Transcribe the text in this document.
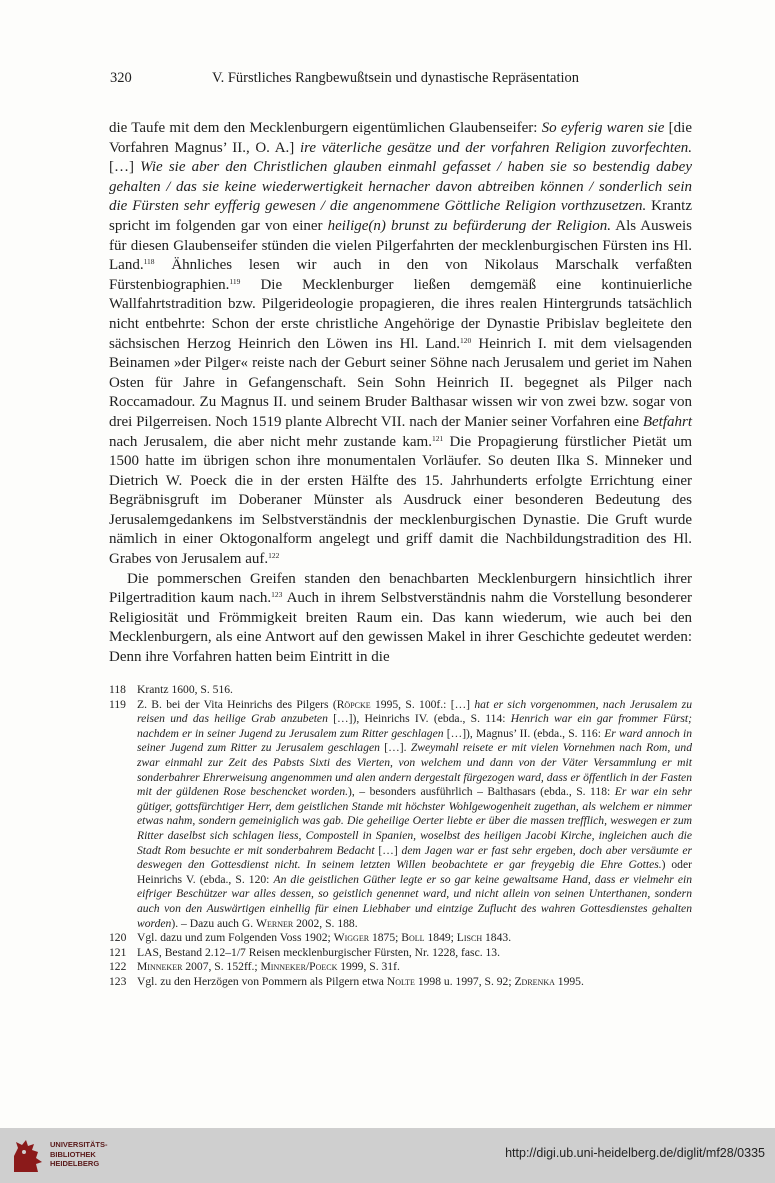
320	V. Fürstliches Rangbewußtsein und dynastische Repräsentation

die Taufe mit dem den Mecklenburgern eigentümlichen Glaubenseifer: So eyferig waren sie [die Vorfahren Magnus’ II., O. A.] ire väterliche gesätze und der vorfahren Religion zuvorfechten. […] Wie sie aber den Christlichen glauben einmahl gefasset / haben sie so bestendig dabey gehalten / das sie keine wiederwertigkeit hernacher davon abtreiben können / sonderlich sein die Fürsten sehr eyfferig gewesen / die angenommene Göttliche Religion vorthzusetzen. Krantz spricht im folgenden gar von einer heilige(n) brunst zu befürderung der Religion. Als Ausweis für diesen Glaubenseifer stünden die vielen Pilgerfahrten der mecklenburgischen Fürsten ins Hl. Land.$^{118}$ Ähnliches lesen wir auch in den von Nikolaus Marschalk verfaßten Fürstenbiographien.$^{119}$ Die Mecklenburger ließen demgemäß eine kontinuierliche Wallfahrtstradition bzw. Pilgerideologie propagieren, die ihres realen Hintergrunds tatsächlich nicht entbehrte: Schon der erste christliche Angehörige der Dynastie Pribislav begleitete den sächsischen Herzog Heinrich den Löwen ins Hl. Land.$^{120}$ Heinrich I. mit dem vielsagenden Beinamen »der Pilger« reiste nach der Geburt seiner Söhne nach Jerusalem und geriet im Nahen Osten für Jahre in Gefangenschaft. Sein Sohn Heinrich II. begegnet als Pilger nach Roccamadour. Zu Magnus II. und seinem Bruder Balthasar wissen wir von zwei bzw. sogar von drei Pilgerreisen. Noch 1519 plante Albrecht VII. nach der Manier seiner Vorfahren eine Betfahrt nach Jerusalem, die aber nicht mehr zustande kam.$^{121}$ Die Propagierung fürstlicher Pietät um 1500 hatte im übrigen schon ihre monumentalen Vorläufer. So deuten Ilka S. Minneker und Dietrich W. Poeck die in der ersten Hälfte des 15. Jahrhunderts erfolgte Errichtung einer Begräbnisgruft im Doberaner Münster als Ausdruck einer besonderen Bedeutung des Jerusalemgedankens im Selbstverständnis der mecklenburgischen Dynastie. Die Gruft wurde nämlich in einer Oktogonalform angelegt und griff damit die Nachbildungstradition des Hl. Grabes von Jerusalem auf.$^{122}$

Die pommerschen Greifen standen den benachbarten Mecklenburgern hinsichtlich ihrer Pilgertradition kaum nach.$^{123}$ Auch in ihrem Selbstverständnis nahm die Vorstellung besonderer Religiosität und Frömmigkeit breiten Raum ein. Das kann wiederum, wie auch bei den Mecklenburgern, als eine Antwort auf den gewissen Makel in ihrer Geschichte gedeutet werden: Denn ihre Vorfahren hatten beim Eintritt in die

118 Krantz 1600, S. 516.
119 Z. B. bei der Vita Heinrichs des Pilgers (Röpcke 1995, S. 100f.: […] hat er sich vorgenommen, nach Jerusalem zu reisen und das heilige Grab anzubeten […]), Heinrichs IV. (ebda., S. 114: Henrich war ein gar frommer Fürst; nachdem er in seiner Jugend zu Jerusalem zum Ritter geschlagen […]), Magnus’ II. (ebda., S. 116: Er ward annoch in seiner Jugend zum Ritter zu Jerusalem geschlagen […]. Zweymahl reisete er mit vielen Vornehmen nach Rom, und zwar einmahl zur Zeit des Pabsts Sixti des Vierten, von welchem und dann von der Väter Versammlung er mit sonderbahrer Ehrerweisung angenommen und alen andern dergestalt fürgezogen ward, dass er öffentlich in der Fasten mit der güldenen Rose beschencket worden.), – besonders ausführlich – Balthasars (ebda., S. 118: Er war ein sehr gütiger, gottsfürchtiger Herr, dem geistlichen Stande mit höchster Wohlgewogenheit zugethan, als welchem er nimmer etwas nahm, sondern gemeiniglich was gab. Die geheilige Oerter liebte er über die massen trefflich, weswegen er zum Ritter daselbst sich schlagen liess, Compostell in Spanien, woselbst des heiligen Jacobi Kirche, ingleichen auch die Stadt Rom besuchte er mit sonderbahrem Bedacht […] dem Jagen war er fast sehr ergeben, doch aber versäumte er deswegen den Gottesdienst nicht. In seinem letzten Willen beobachtete er gar freygebig die Ehre Gottes.) oder Heinrichs V. (ebda., S. 120: An die geistlichen Güther legte er so gar keine gewaltsame Hand, dass er vielmehr ein eifriger Beschützer war alles dessen, so geistlich genennet ward, und nicht allein von seinen Unterthanen, sondern auch von den Auswärtigen einhellig für einen Liebhaber und eintzige Zuflucht des wahren Gottesdienstes gehalten worden). – Dazu auch G. Werner 2002, S. 188.
120 Vgl. dazu und zum Folgenden Voss 1902; Wigger 1875; Boll 1849; Lisch 1843.
121 LAS, Bestand 2.12–1/7 Reisen mecklenburgischer Fürsten, Nr. 1228, fasc. 13.
122 Minneker 2007, S. 152ff.; Minneker/Poeck 1999, S. 31f.
123 Vgl. zu den Herzögen von Pommern als Pilgern etwa Nolte 1998 u. 1997, S. 92; Zdrenka 1995.
UNIVERSITÄTS-
BIBLIOTHEK
HEIDELBERG
http://digi.ub.uni-heidelberg.de/diglit/mf28/0335
